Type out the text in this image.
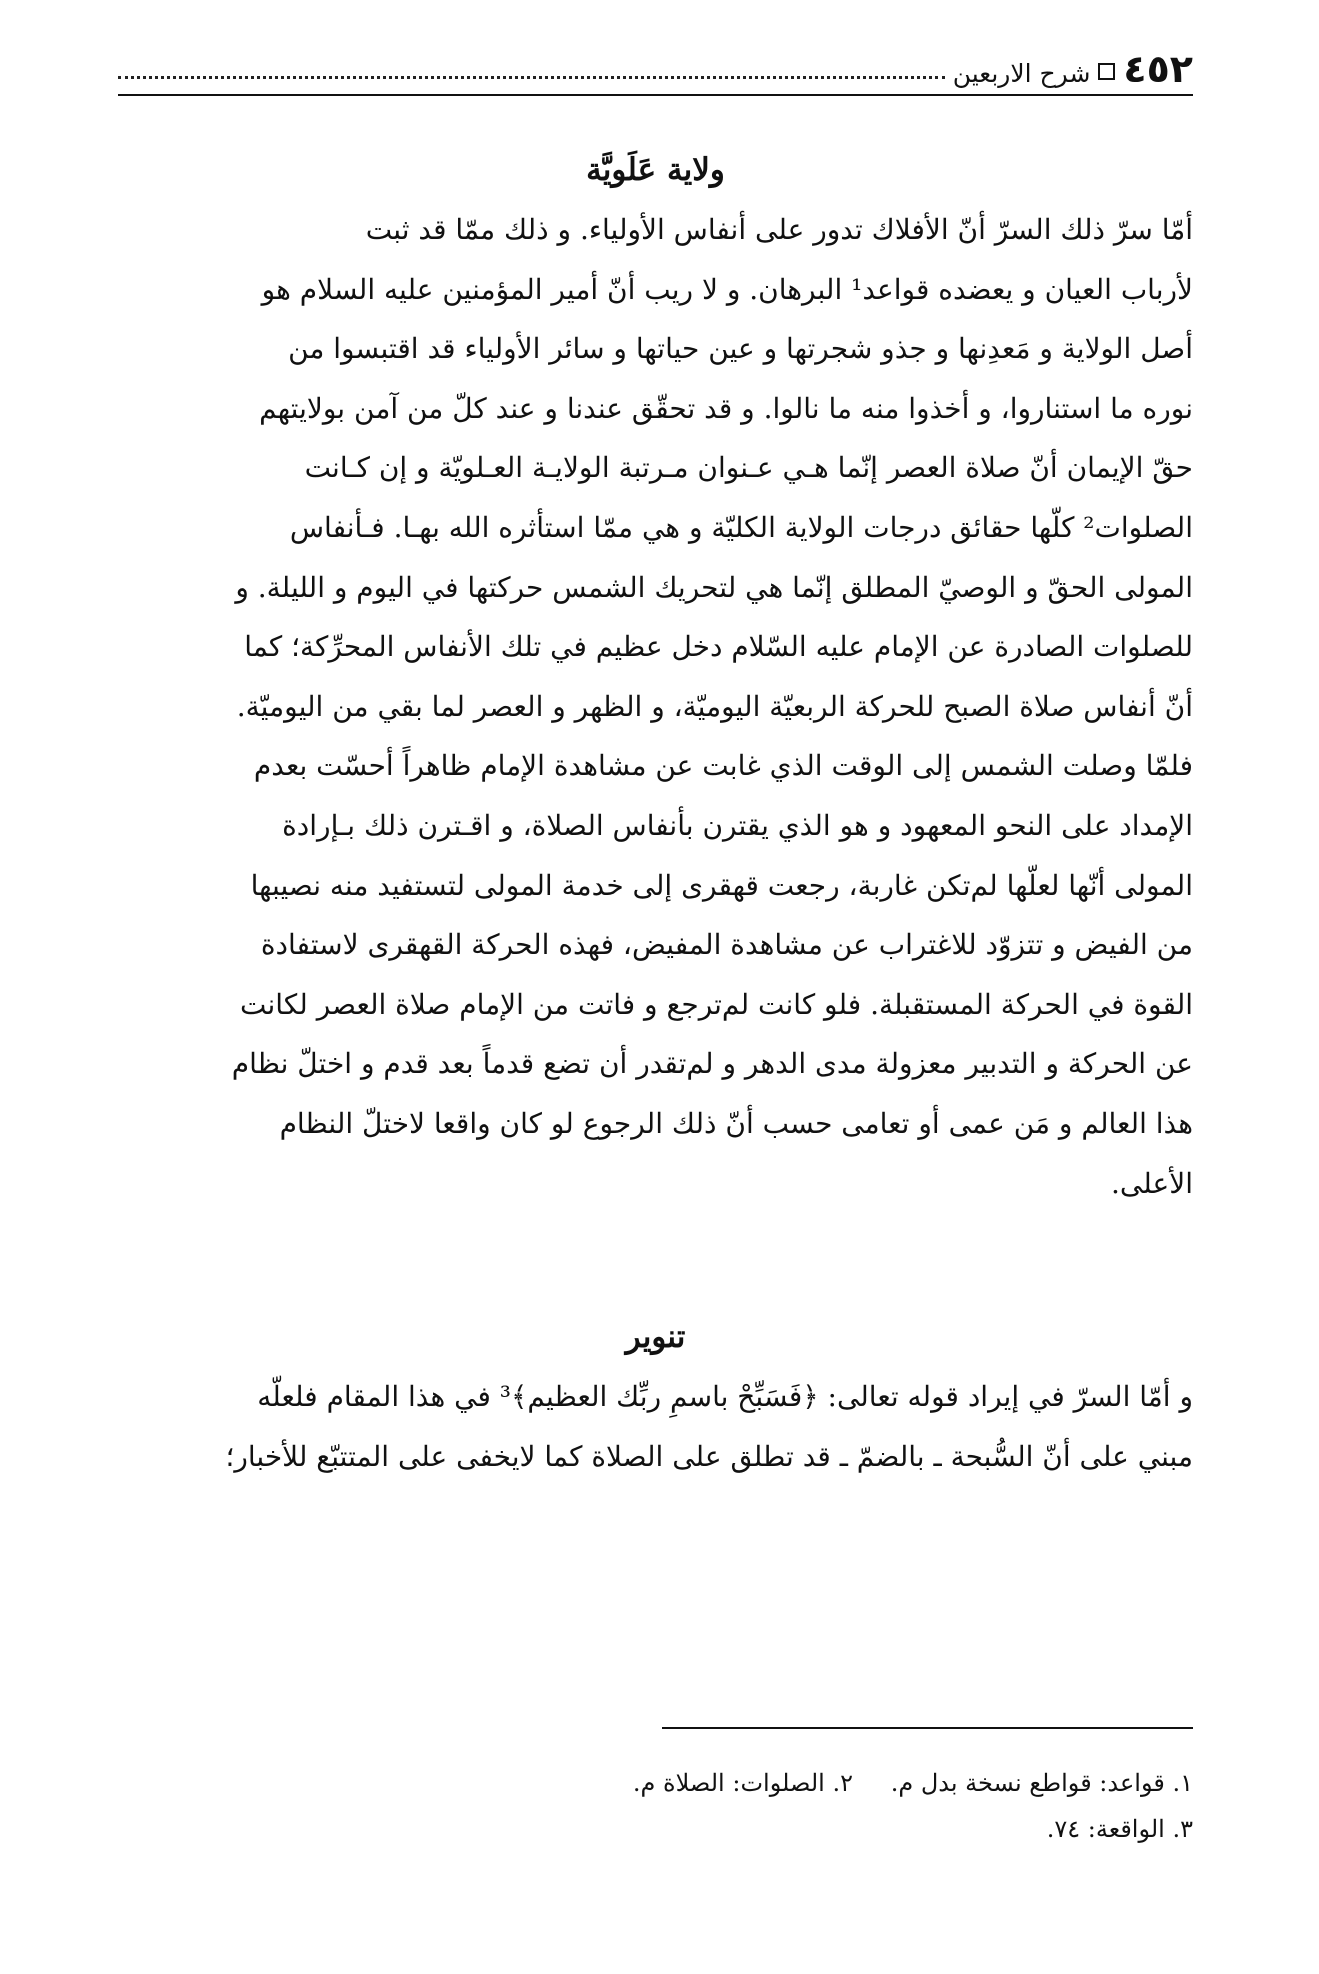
٤٥٢
شرح الاربعين
ولاية عَلَويَّة
أمّا سرّ ذلك السرّ أنّ الأفلاك تدور على أنفاس الأولياء. و ذلك ممّا قد ثبت
لأرباب العيان و يعضده قواعد¹ البرهان. و لا ريب أنّ أمير المؤمنين عليه السلام هو
أصل الولاية و مَعدِنها و جذو شجرتها و عين حياتها و سائر الأولياء قد اقتبسوا من
نوره ما استناروا، و أخذوا منه ما نالوا. و قد تحقّق عندنا و عند كلّ من آمن بولايتهم
حقّ الإيمان أنّ صلاة العصر إنّما هـي عـنوان مـرتبة الولايـة العـلويّة و إن كـانت
الصلوات² كلّها حقائق درجات الولاية الكليّة و هي ممّا استأثره الله بهـا. فـأنفاس
المولى الحقّ و الوصيّ المطلق إنّما هي لتحريك الشمس حركتها في اليوم و الليلة. و
للصلوات الصادرة عن الإمام عليه السّلام دخل عظيم في تلك الأنفاس المحرِّكة؛ كما
أنّ أنفاس صلاة الصبح للحركة الربعيّة اليوميّة، و الظهر و العصر لما بقي من اليوميّة.
فلمّا وصلت الشمس إلى الوقت الذي غابت عن مشاهدة الإمام ظاهراً أحسّت بعدم
الإمداد على النحو المعهود و هو الذي يقترن بأنفاس الصلاة، و اقـترن ذلك بـإرادة
المولى أنّها لعلّها لم‌تكن غاربة، رجعت قهقرى إلى خدمة المولى لتستفيد منه نصيبها
من الفيض و تتزوّد للاغتراب عن مشاهدة المفيض، فهذه الحركة القهقرى لاستفادة
القوة في الحركة المستقبلة. فلو كانت لم‌ترجع و فاتت من الإمام صلاة العصر لكانت
عن الحركة و التدبير معزولة مدى الدهر و لم‌تقدر أن تضع قدماً بعد قدم و اختلّ نظام
هذا العالم و مَن عمى أو تعامى حسب أنّ ذلك الرجوع لو كان واقعا لاختلّ النظام
الأعلى.
تنوير
و أمّا السرّ في إيراد قوله تعالى: ﴿فَسَبِّحْ باسمِ ربِّك العظيم﴾³ في هذا المقام فلعلّه
مبني على أنّ السُّبحة ـ بالضمّ ـ قد تطلق على الصلاة كما لايخفى على المتتبّع للأخبار؛
١. قواعد: قواطع نسخة بدل م.
٢. الصلوات: الصلاة م.
٣. الواقعة: ٧٤.
